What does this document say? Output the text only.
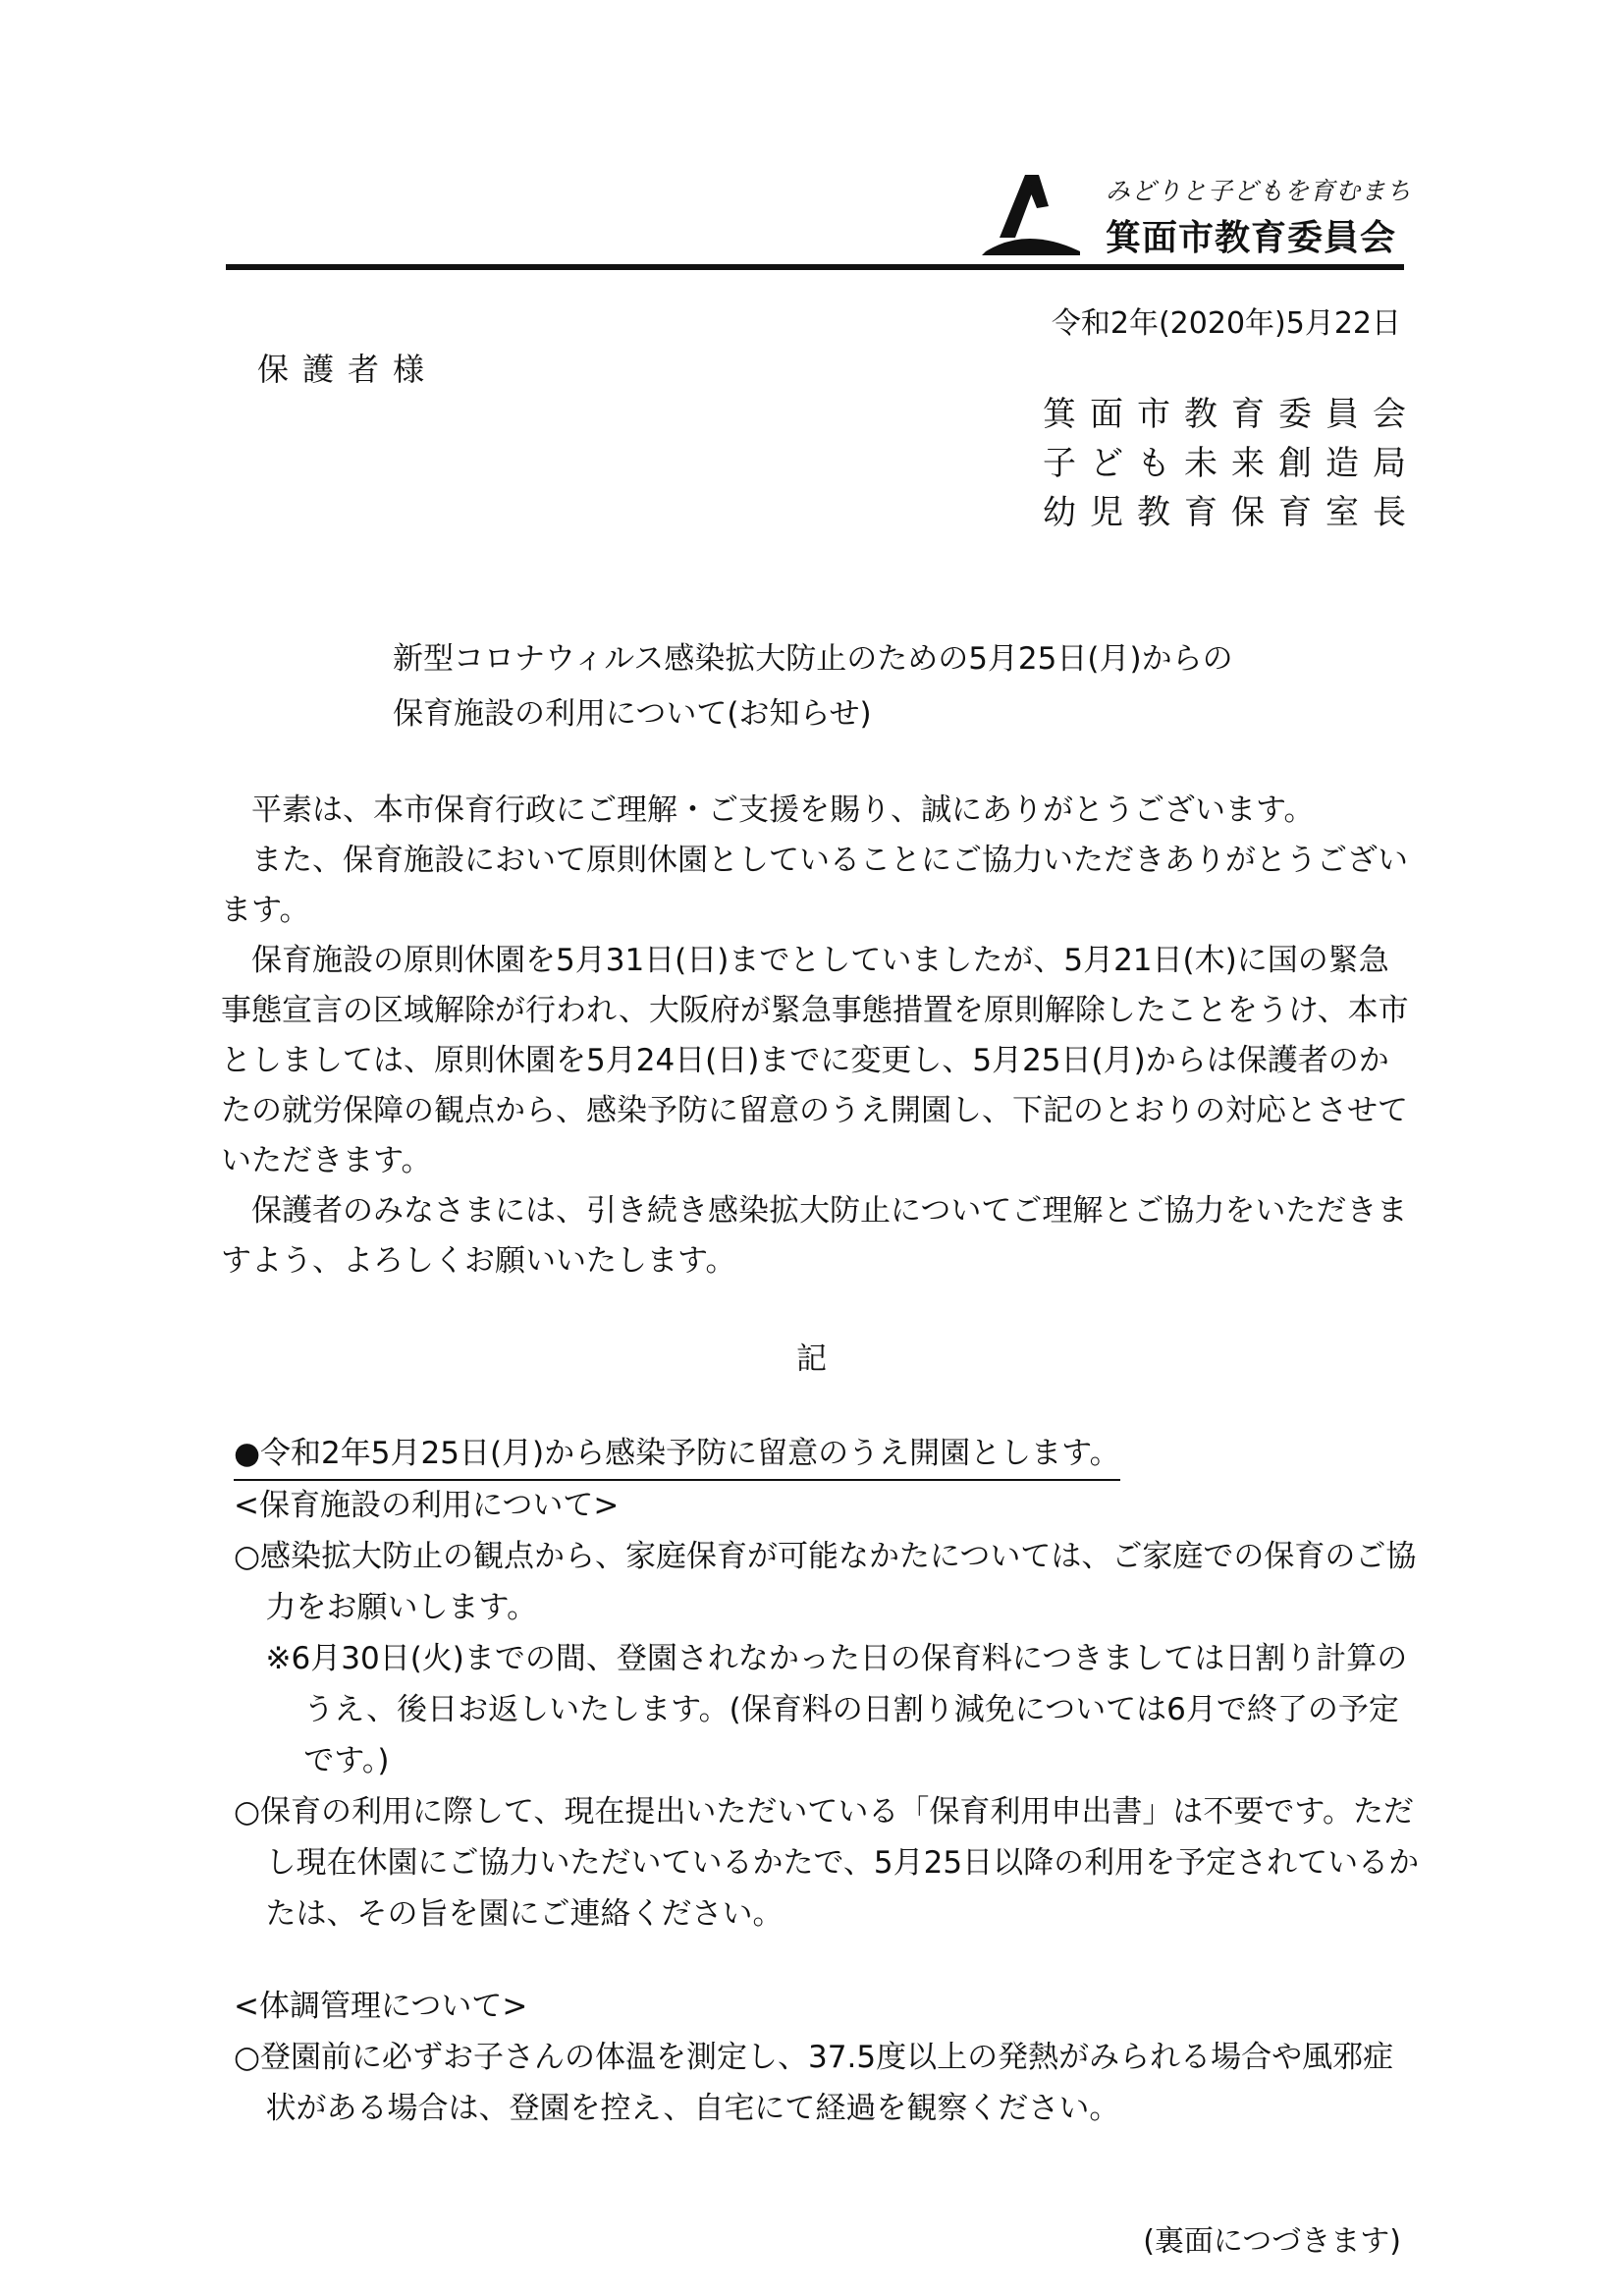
みどりと子どもを育むまち
箕面市教育委員会
令和2年(2020年)5月22日
保護者様
箕面市教育委員会
子ども未来創造局
幼児教育保育室長
新型コロナウィルス感染拡大防止のための5月25日(月)からの
保育施設の利用について(お知らせ)

平素は、本市保育行政にご理解・ご支援を賜り、誠にありがとうございます。

また、保育施設において原則休園としていることにご協力いただきありがとうございます。

保育施設の原則休園を5月31日(日)までとしていましたが、5月21日(木)に国の緊急事態宣言の区域解除が行われ、大阪府が緊急事態措置を原則解除したことをうけ、本市としましては、原則休園を5月24日(日)までに変更し、5月25日(月)からは保護者のかたの就労保障の観点から、感染予防に留意のうえ開園し、下記のとおりの対応とさせていただきます。

保護者のみなさまには、引き続き感染拡大防止についてご理解とご協力をいただきますよう、よろしくお願いいたします。

記
●令和2年5月25日(月)から感染予防に留意のうえ開園とします。
<保育施設の利用について>
○感染拡大防止の観点から、家庭保育が可能なかたについては、ご家庭での保育のご協力をお願いします。
※6月30日(火)までの間、登園されなかった日の保育料につきましては日割り計算のうえ、後日お返しいたします。(保育料の日割り減免については6月で終了の予定です。)
○保育の利用に際して、現在提出いただいている「保育利用申出書」は不要です。ただし現在休園にご協力いただいているかたで、5月25日以降の利用を予定されているかたは、その旨を園にご連絡ください。
<体調管理について>
○登園前に必ずお子さんの体温を測定し、37.5度以上の発熱がみられる場合や風邪症状がある場合は、登園を控え、自宅にて経過を観察ください。
(裏面につづきます)
